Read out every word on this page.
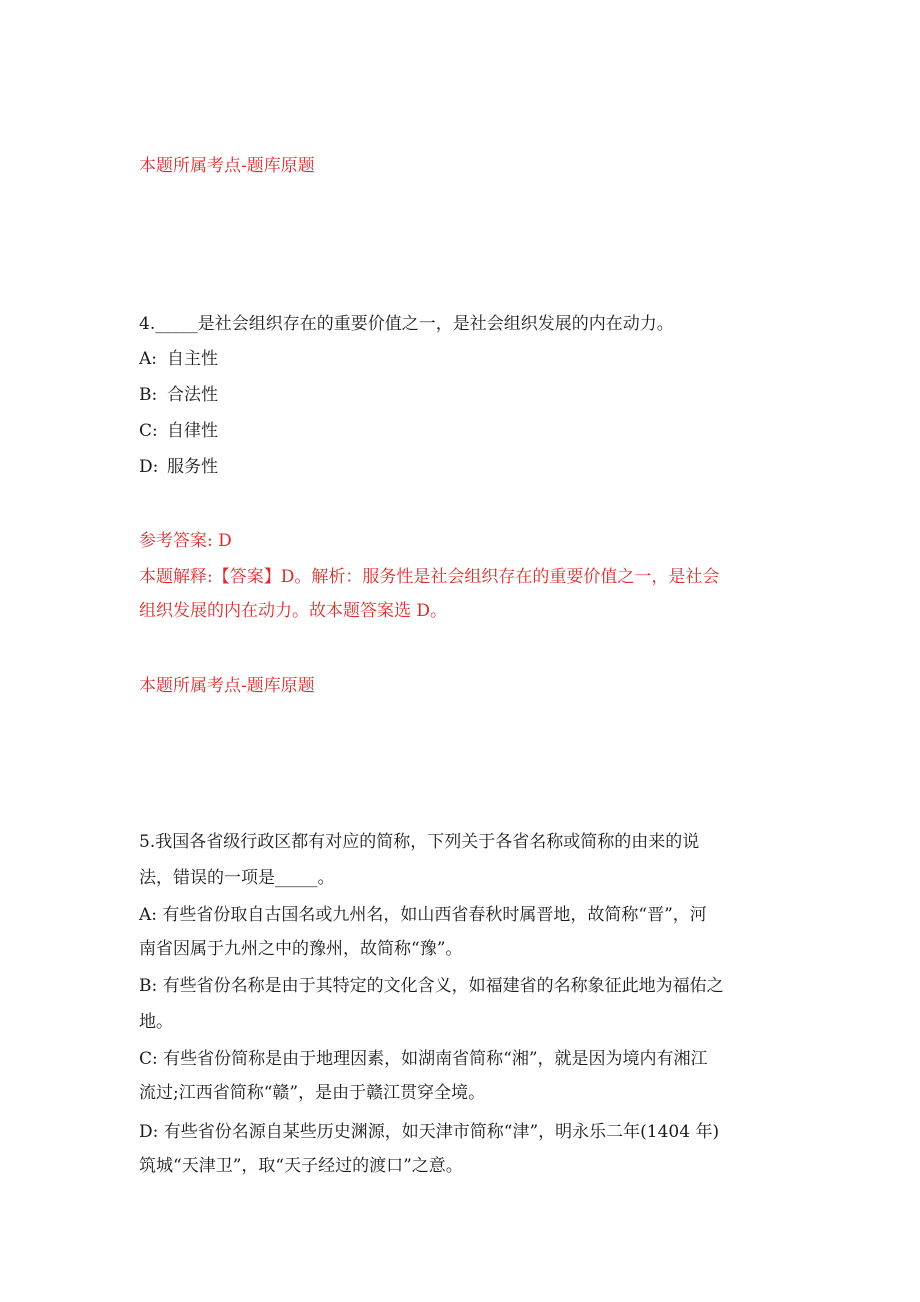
本题所属考点-题库原题
4._____是社会组织存在的重要价值之一，是社会组织发展的内在动力。
A: 自主性
B: 合法性
C: 自律性
D: 服务性
参考答案: D
本题解释:【答案】D。解析：服务性是社会组织存在的重要价值之一，是社会
组织发展的内在动力。故本题答案选 D。
本题所属考点-题库原题
5.我国各省级行政区都有对应的简称，下列关于各省名称或简称的由来的说
法，错误的一项是_____。
A: 有些省份取自古国名或九州名，如山西省春秋时属晋地，故简称“晋”，河
南省因属于九州之中的豫州，故简称“豫”。
B: 有些省份名称是由于其特定的文化含义，如福建省的名称象征此地为福佑之
地。
C: 有些省份简称是由于地理因素，如湖南省简称“湘”，就是因为境内有湘江
流过;江西省简称“赣”，是由于赣江贯穿全境。
D: 有些省份名源自某些历史渊源，如天津市简称“津”，明永乐二年(1404 年)
筑城“天津卫”，取“天子经过的渡口”之意。
